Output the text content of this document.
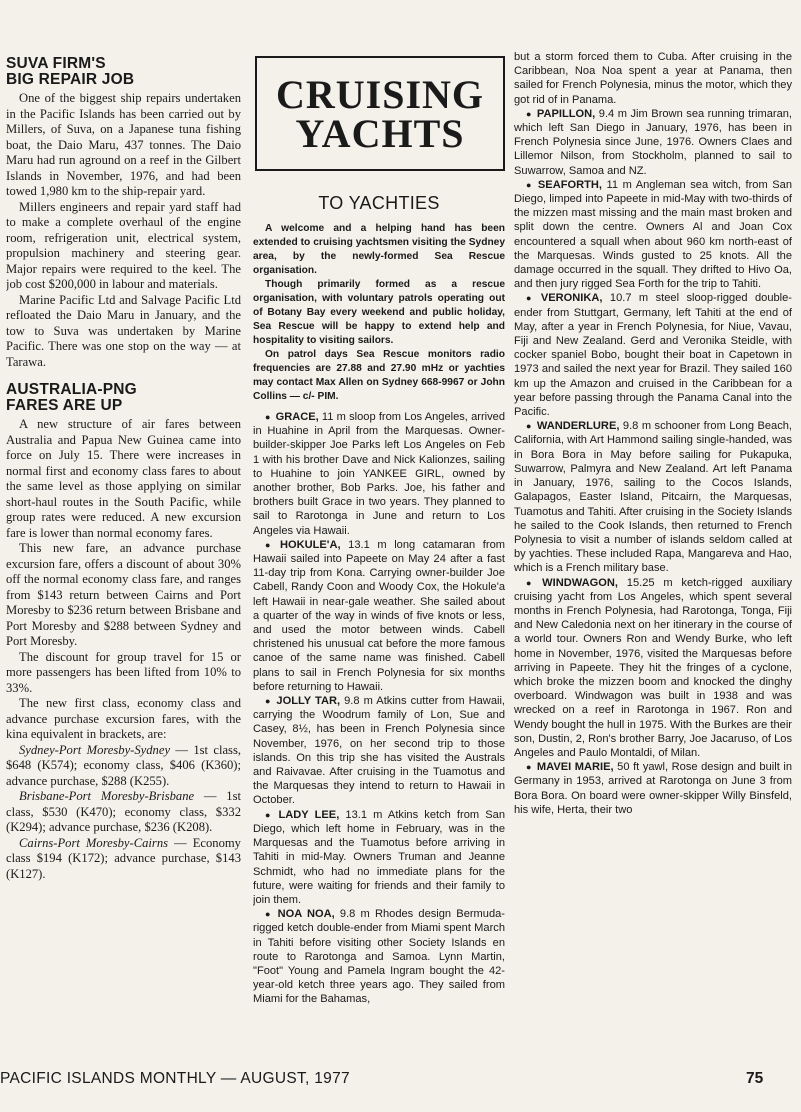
SUVA FIRM'S
BIG REPAIR JOB

One of the biggest ship repairs undertaken in the Pacific Islands has been carried out by Millers, of Suva, on a Japanese tuna fishing boat, the Daio Maru, 437 tonnes. The Daio Maru had run aground on a reef in the Gilbert Islands in November, 1976, and had been towed 1,980 km to the ship-repair yard.

Millers engineers and repair yard staff had to make a complete overhaul of the engine room, refrigeration unit, electrical system, propulsion machinery and steering gear. Major repairs were required to the keel. The job cost $200,000 in labour and materials.

Marine Pacific Ltd and Salvage Pacific Ltd refloated the Daio Maru in January, and the tow to Suva was undertaken by Marine Pacific. There was one stop on the way — at Tarawa.

AUSTRALIA-PNG
FARES ARE UP

A new structure of air fares between Australia and Papua New Guinea came into force on July 15. There were increases in normal first and economy class fares to about the same level as those applying on similar short-haul routes in the South Pacific, while group rates were reduced. A new excursion fare is lower than normal economy fares.

This new fare, an advance purchase excursion fare, offers a discount of about 30% off the normal economy class fare, and ranges from $143 return between Cairns and Port Moresby to $236 return between Brisbane and Port Moresby and $288 between Sydney and Port Moresby.

The discount for group travel for 15 or more passengers has been lifted from 10% to 33%.

The new first class, economy class and advance purchase excursion fares, with the kina equivalent in brackets, are:

Sydney-Port Moresby-Sydney — 1st class, $648 (K574); economy class, $406 (K360); advance purchase, $288 (K255).

Brisbane-Port Moresby-Brisbane — 1st class, $530 (K470); economy class, $332 (K294); advance purchase, $236 (K208).

Cairns-Port Moresby-Cairns — Economy class $194 (K172); advance purchase, $143 (K127).

CRUISING
YACHTS
TO YACHTIES

A welcome and a helping hand has been extended to cruising yachtsmen visiting the Sydney area, by the newly-formed Sea Rescue organisation.

Though primarily formed as a rescue organisation, with voluntary patrols operating out of Botany Bay every weekend and public holiday, Sea Rescue will be happy to extend help and hospitality to visiting sailors.

On patrol days Sea Rescue monitors radio frequencies are 27.88 and 27.90 mHz or yachties may contact Max Allen on Sydney 668-9967 or John Collins — c/- PIM.

● GRACE, 11 m sloop from Los Angeles, arrived in Huahine in April from the Marquesas. Owner-builder-skipper Joe Parks left Los Angeles on Feb 1 with his brother Dave and Nick Kalionzes, sailing to Huahine to join YANKEE GIRL, owned by another brother, Bob Parks. Joe, his father and brothers built Grace in two years. They planned to sail to Rarotonga in June and return to Los Angeles via Hawaii.

● HOKULE'A, 13.1 m long catamaran from Hawaii sailed into Papeete on May 24 after a fast 11-day trip from Kona. Carrying owner-builder Joe Cabell, Randy Coon and Woody Cox, the Hokule'a left Hawaii in near-gale weather. She sailed about a quarter of the way in winds of five knots or less, and used the motor between winds. Cabell christened his unusual cat before the more famous canoe of the same name was finished. Cabell plans to sail in French Polynesia for six months before returning to Hawaii.

● JOLLY TAR, 9.8 m Atkins cutter from Hawaii, carrying the Woodrum family of Lon, Sue and Casey, 8½, has been in French Polynesia since November, 1976, on her second trip to those islands. On this trip she has visited the Australs and Raivavae. After cruising in the Tuamotus and the Marquesas they intend to return to Hawaii in October.

● LADY LEE, 13.1 m Atkins ketch from San Diego, which left home in February, was in the Marquesas and the Tuamotus before arriving in Tahiti in mid-May. Owners Truman and Jeanne Schmidt, who had no immediate plans for the future, were waiting for friends and their family to join them.

● NOA NOA, 9.8 m Rhodes design Bermuda-rigged ketch double-ender from Miami spent March in Tahiti before visiting other Society Islands en route to Rarotonga and Samoa. Lynn Martin, "Foot" Young and Pamela Ingram bought the 42-year-old ketch three years ago. They sailed from Miami for the Bahamas,

but a storm forced them to Cuba. After cruising in the Caribbean, Noa Noa spent a year at Panama, then sailed for French Polynesia, minus the motor, which they got rid of in Panama.

● PAPILLON, 9.4 m Jim Brown sea running trimaran, which left San Diego in January, 1976, has been in French Polynesia since June, 1976. Owners Claes and Lillemor Nilson, from Stockholm, planned to sail to Suwarrow, Samoa and NZ.

● SEAFORTH, 11 m Angleman sea witch, from San Diego, limped into Papeete in mid-May with two-thirds of the mizzen mast missing and the main mast broken and split down the centre. Owners Al and Joan Cox encountered a squall when about 960 km north-east of the Marquesas. Winds gusted to 25 knots. All the damage occurred in the squall. They drifted to Hivo Oa, and then jury rigged Sea Forth for the trip to Tahiti.

● VERONIKA, 10.7 m steel sloop-rigged double-ender from Stuttgart, Germany, left Tahiti at the end of May, after a year in French Polynesia, for Niue, Vavau, Fiji and New Zealand. Gerd and Veronika Steidle, with cocker spaniel Bobo, bought their boat in Capetown in 1973 and sailed the next year for Brazil. They sailed 160 km up the Amazon and cruised in the Caribbean for a year before passing through the Panama Canal into the Pacific.

● WANDERLURE, 9.8 m schooner from Long Beach, California, with Art Hammond sailing single-handed, was in Bora Bora in May before sailing for Pukapuka, Suwarrow, Palmyra and New Zealand. Art left Panama in January, 1976, sailing to the Cocos Islands, Galapagos, Easter Island, Pitcairn, the Marquesas, Tuamotus and Tahiti. After cruising in the Society Islands he sailed to the Cook Islands, then returned to French Polynesia to visit a number of islands seldom called at by yachties. These included Rapa, Mangareva and Hao, which is a French military base.

● WINDWAGON, 15.25 m ketch-rigged auxiliary cruising yacht from Los Angeles, which spent several months in French Polynesia, had Rarotonga, Tonga, Fiji and New Caledonia next on her itinerary in the course of a world tour. Owners Ron and Wendy Burke, who left home in November, 1976, visited the Marquesas before arriving in Papeete. They hit the fringes of a cyclone, which broke the mizzen boom and knocked the dinghy overboard. Windwagon was built in 1938 and was wrecked on a reef in Rarotonga in 1967. Ron and Wendy bought the hull in 1975. With the Burkes are their son, Dustin, 2, Ron's brother Barry, Joe Jacaruso, of Los Angeles and Paulo Montaldi, of Milan.

● MAVEI MARIE, 50 ft yawl, Rose design and built in Germany in 1953, arrived at Rarotonga on June 3 from Bora Bora. On board were owner-skipper Willy Binsfeld, his wife, Herta, their two

PACIFIC ISLANDS MONTHLY — AUGUST, 1977	75
